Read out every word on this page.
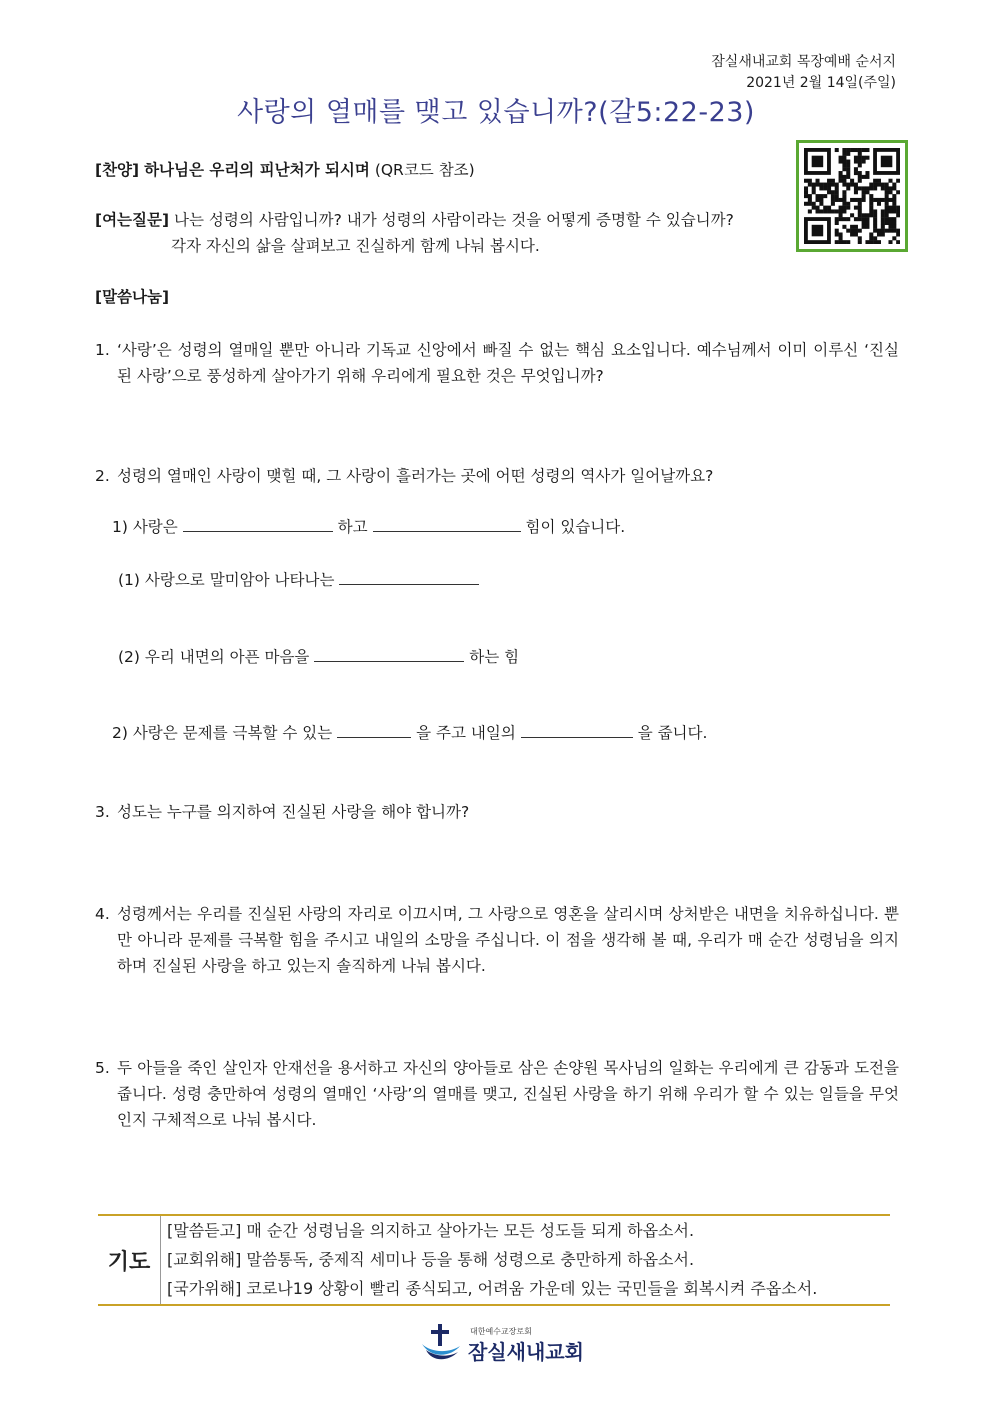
잠실새내교회 목장예배 순서지
2021년 2월 14일(주일)
사랑의 열매를 맺고 있습니까?(갈5:22-23)
[찬양] 하나님은 우리의 피난처가 되시며 (QR코드 참조)
[여는질문] 나는 성령의 사람입니까? 내가 성령의 사람이라는 것을 어떻게 증명할 수 있습니까?
각자 자신의 삶을 살펴보고 진실하게 함께 나눠 봅시다.
[말씀나눔]
1. ‘사랑’은 성령의 열매일 뿐만 아니라 기독교 신앙에서 빠질 수 없는 핵심 요소입니다. 예수님께서 이미 이루신 ‘진실된 사랑’으로 풍성하게 살아가기 위해 우리에게 필요한 것은 무엇입니까?
2. 성령의 열매인 사랑이 맺힐 때, 그 사랑이 흘러가는 곳에 어떤 성령의 역사가 일어날까요?
1) 사랑은	하고	힘이 있습니다.
(1) 사랑으로 말미암아 나타나는
(2) 우리 내면의 아픈 마음을	하는 힘
2) 사랑은 문제를 극복할 수 있는	을 주고 내일의	을 줍니다.
3. 성도는 누구를 의지하여 진실된 사랑을 해야 합니까?
4. 성령께서는 우리를 진실된 사랑의 자리로 이끄시며, 그 사랑으로 영혼을 살리시며 상처받은 내면을 치유하십니다. 뿐만 아니라 문제를 극복할 힘을 주시고 내일의 소망을 주십니다. 이 점을 생각해 볼 때, 우리가 매 순간 성령님을 의지하며 진실된 사랑을 하고 있는지 솔직하게 나눠 봅시다.
5. 두 아들을 죽인 살인자 안재선을 용서하고 자신의 양아들로 삼은 손양원 목사님의 일화는 우리에게 큰 감동과 도전을 줍니다. 성령 충만하여 성령의 열매인 ‘사랑’의 열매를 맺고, 진실된 사랑을 하기 위해 우리가 할 수 있는 일들을 무엇인지 구체적으로 나눠 봅시다.
기도
[말씀듣고] 매 순간 성령님을 의지하고 살아가는 모든 성도들 되게 하옵소서.
[교회위해] 말씀통독, 중제직 세미나 등을 통해 성령으로 충만하게 하옵소서.
[국가위해] 코로나19 상황이 빨리 종식되고, 어려움 가운데 있는 국민들을 회복시켜 주옵소서.
대한예수교장로회
잠실새내교회
